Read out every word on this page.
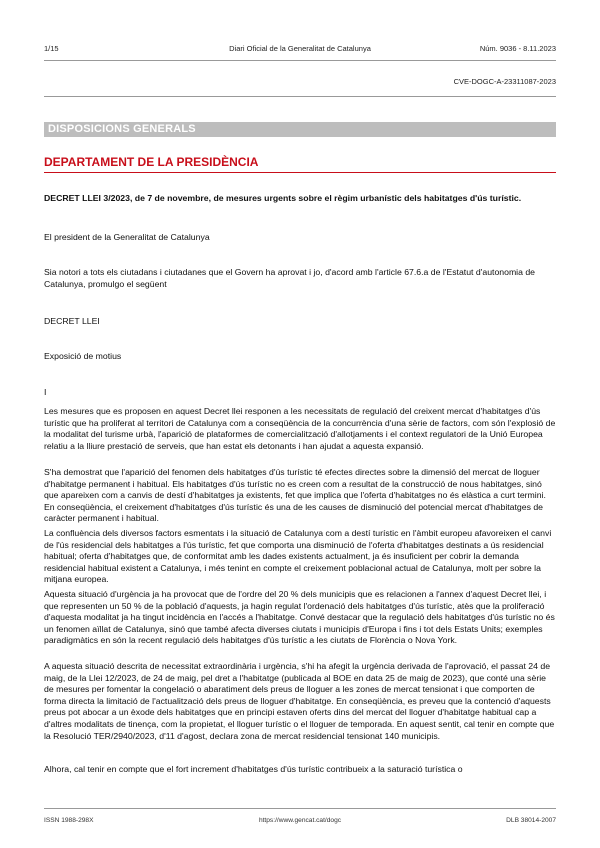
1/15	Diari Oficial de la Generalitat de Catalunya	Núm. 9036 - 8.11.2023
CVE-DOGC-A-23311087-2023
DISPOSICIONS GENERALS
DEPARTAMENT DE LA PRESIDÈNCIA
DECRET LLEI 3/2023, de 7 de novembre, de mesures urgents sobre el règim urbanístic dels habitatges d'ús turístic.
El president de la Generalitat de Catalunya
Sia notori a tots els ciutadans i ciutadanes que el Govern ha aprovat i jo, d'acord amb l'article 67.6.a de l'Estatut d'autonomia de Catalunya, promulgo el següent
DECRET LLEI
Exposició de motius
I
Les mesures que es proposen en aquest Decret llei responen a les necessitats de regulació del creixent mercat d'habitatges d'ús turístic que ha proliferat al territori de Catalunya com a conseqüència de la concurrència d'una sèrie de factors, com són l'explosió de la modalitat del turisme urbà, l'aparició de plataformes de comercialització d'allotjaments i el context regulatori de la Unió Europea relatiu a la lliure prestació de serveis, que han estat els detonants i han ajudat a aquesta expansió.
S'ha demostrat que l'aparició del fenomen dels habitatges d'ús turístic té efectes directes sobre la dimensió del mercat de lloguer d'habitatge permanent i habitual. Els habitatges d'ús turístic no es creen com a resultat de la construcció de nous habitatges, sinó que apareixen com a canvis de destí d'habitatges ja existents, fet que implica que l'oferta d'habitatges no és elàstica a curt termini. En conseqüència, el creixement d'habitatges d'ús turístic és una de les causes de disminució del potencial mercat d'habitatges de caràcter permanent i habitual.
La confluència dels diversos factors esmentats i la situació de Catalunya com a destí turístic en l'àmbit europeu afavoreixen el canvi de l'ús residencial dels habitatges a l'ús turístic, fet que comporta una disminució de l'oferta d'habitatges destinats a ús residencial habitual; oferta d'habitatges que, de conformitat amb les dades existents actualment, ja és insuficient per cobrir la demanda residencial habitual existent a Catalunya, i més tenint en compte el creixement poblacional actual de Catalunya, molt per sobre la mitjana europea.
Aquesta situació d'urgència ja ha provocat que de l'ordre del 20 % dels municipis que es relacionen a l'annex d'aquest Decret llei, i que representen un 50 % de la població d'aquests, ja hagin regulat l'ordenació dels habitatges d'ús turístic, atès que la proliferació d'aquesta modalitat ja ha tingut incidència en l'accés a l'habitatge. Convé destacar que la regulació dels habitatges d'ús turístic no és un fenomen aïllat de Catalunya, sinó que també afecta diverses ciutats i municipis d'Europa i fins i tot dels Estats Units; exemples paradigmàtics en són la recent regulació dels habitatges d'ús turístic a les ciutats de Florència o Nova York.
A aquesta situació descrita de necessitat extraordinària i urgència, s'hi ha afegit la urgència derivada de l'aprovació, el passat 24 de maig, de la Llei 12/2023, de 24 de maig, pel dret a l'habitatge (publicada al BOE en data 25 de maig de 2023), que conté una sèrie de mesures per fomentar la congelació o abaratiment dels preus de lloguer a les zones de mercat tensionat i que comporten de forma directa la limitació de l'actualització dels preus de lloguer d'habitatge. En conseqüència, es preveu que la contenció d'aquests preus pot abocar a un èxode dels habitatges que en principi estaven oferts dins del mercat del lloguer d'habitatge habitual cap a d'altres modalitats de tinença, com la propietat, el lloguer turístic o el lloguer de temporada. En aquest sentit, cal tenir en compte que la Resolució TER/2940/2023, d'11 d'agost, declara zona de mercat residencial tensionat 140 municipis.
Alhora, cal tenir en compte que el fort increment d'habitatges d'ús turístic contribueix a la saturació turística o
ISSN 1988-298X	https://www.gencat.cat/dogc	DLB 38014-2007
